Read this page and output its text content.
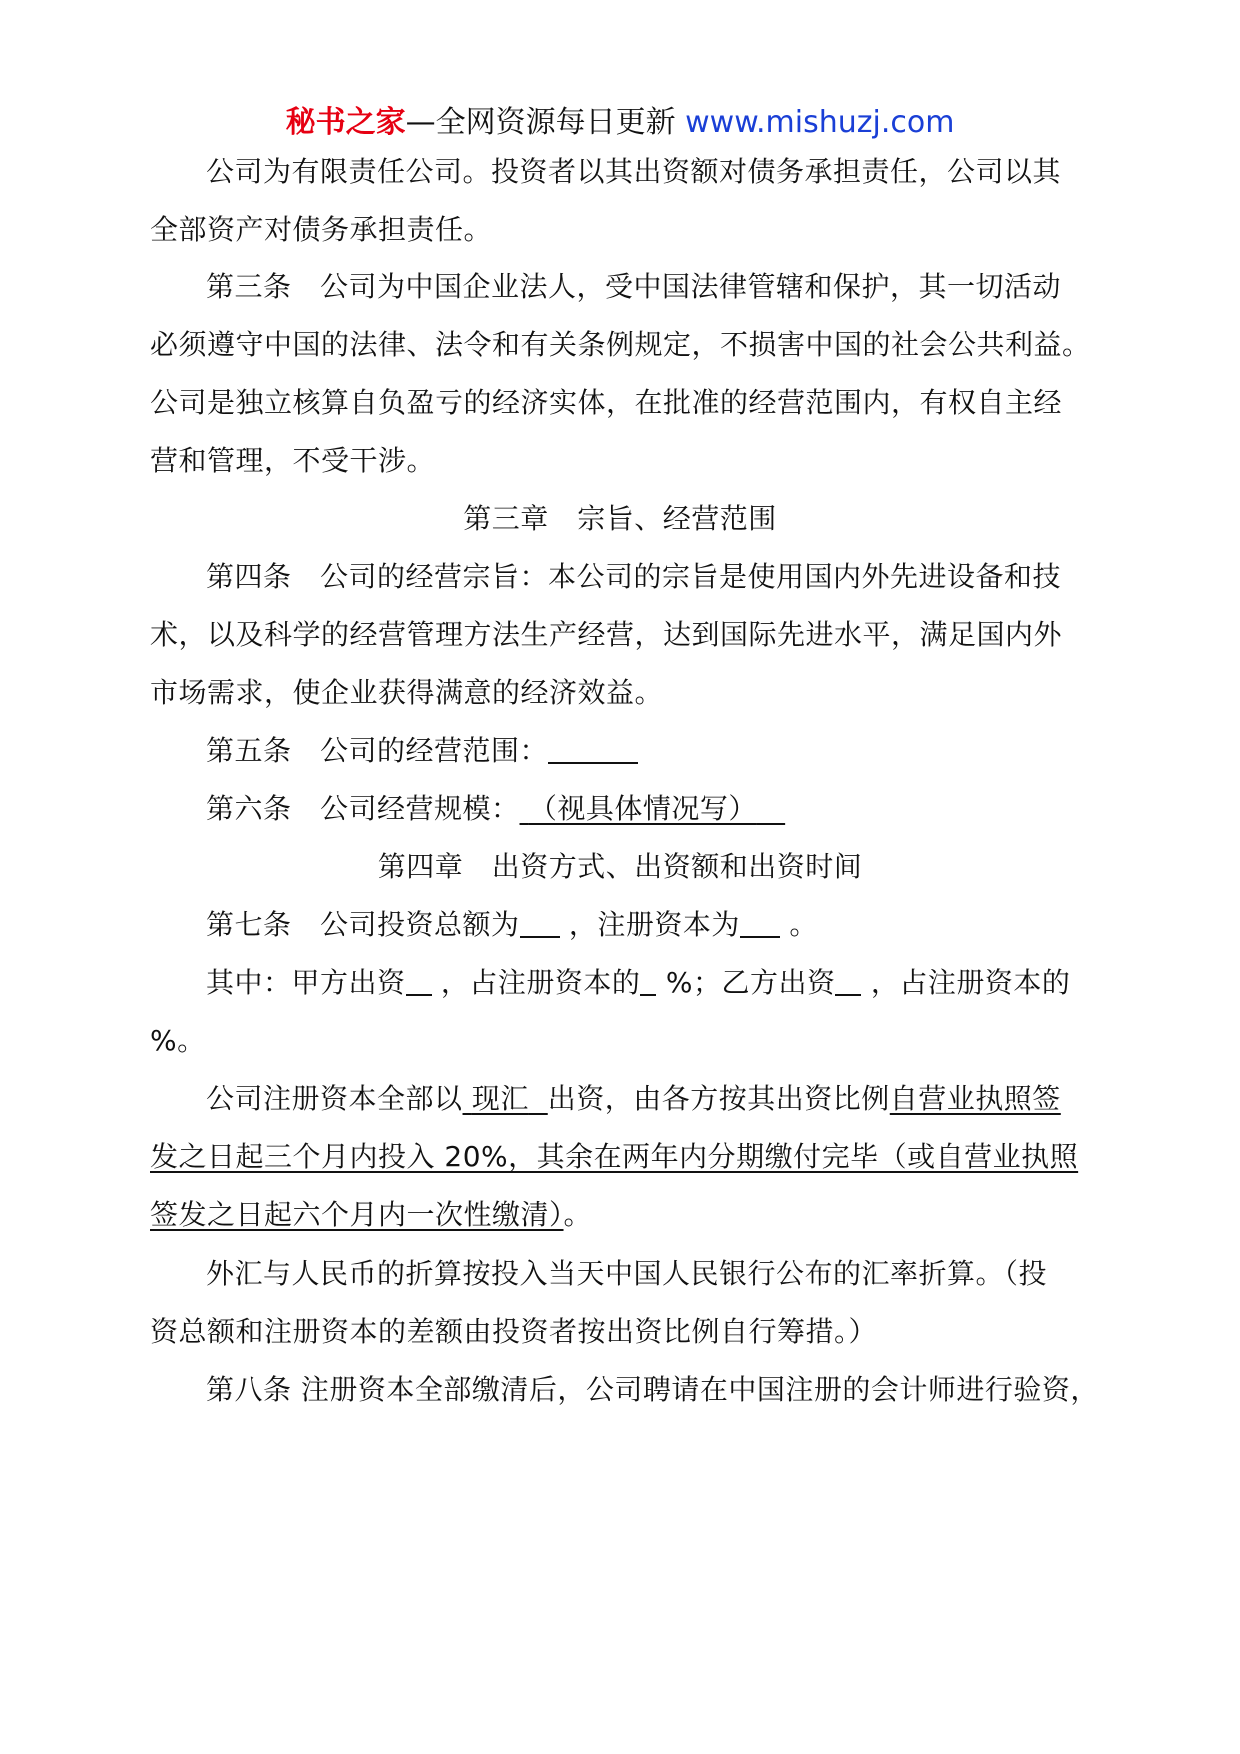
秘书之家—全网资源每日更新 www.mishuzj.com
公司为有限责任公司。投资者以其出资额对债务承担责任，公司以其
全部资产对债务承担责任。
第三条　公司为中国企业法人，受中国法律管辖和保护，其一切活动
必须遵守中国的法律、法令和有关条例规定，不损害中国的社会公共利益。
公司是独立核算自负盈亏的经济实体，在批准的经营范围内，有权自主经
营和管理，不受干涉。
第三章　宗旨、经营范围
第四条　公司的经营宗旨：本公司的宗旨是使用国内外先进设备和技
术，以及科学的经营管理方法生产经营，达到国际先进水平，满足国内外
市场需求，使企业获得满意的经济效益。
第五条　公司的经营范围：
第六条　公司经营规模： （视具体情况写）
第四章　出资方式、出资额和出资时间
第七条　公司投资总额为 ，注册资本为 。
其中：甲方出资 ，占注册资本的 %；乙方出资 ，占注册资本的
%。
公司注册资本全部以 现汇 出资，由各方按其出资比例自营业执照签
发之日起三个月内投入 20%，其余在两年内分期缴付完毕（或自营业执照
签发之日起六个月内一次性缴清）。
外汇与人民币的折算按投入当天中国人民银行公布的汇率折算。（投
资总额和注册资本的差额由投资者按出资比例自行筹措。）
第八条 注册资本全部缴清后，公司聘请在中国注册的会计师进行验资，
